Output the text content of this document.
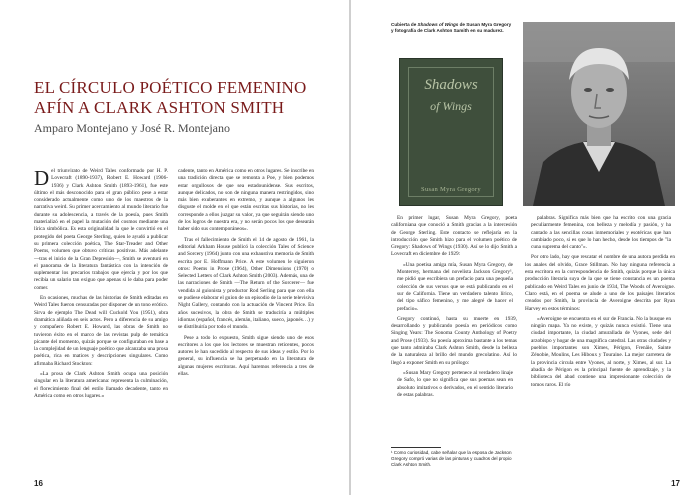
EL CÍRCULO POÉTICO FEMENINO
AFÍN A CLARK ASHTON SMITH
Amparo Montejano y José R. Montejano

Del triunvirato de Weird Tales conformado por H. P. Lovecraft (1890-1937), Robert E. Howard (1906-1936) y Clark Ashton Smith (1893-1961), fue este último el más desconocido para el gran público pese a estar considerado actualmente como uno de los maestros de la narrativa weird. Su primer acercamiento al mundo literario fue durante su adolescencia, a través de la poesía, pues Smith materializó en el papel la mutación del cosmos mediante una lírica simbólica. Es esta originalidad la que le convirtió en el protegido del poeta George Sterling, quien le ayudó a publicar su primera colección poética, The Star-Treader and Other Poems, volumen que obtuvo críticas positivas. Más adelante —tras el inicio de la Gran Depresión—, Smith se aventuró en el panorama de la literatura fantástica con la intención de suplementar los precarios trabajos que ejercía y por los que recibía un salario tan exiguo que apenas si le daba para poder comer.

En ocasiones, muchas de las historias de Smith editadas en Weird Tales fueron censuradas por disponer de un tono erótico. Sirva de ejemplo The Dead will Cuckold You (1951), obra dramática aliñada en seis actos. Pero a diferencia de su amigo y compañero Robert E. Howard, las obras de Smith no tuvieron éxito en el marco de las revistas pulp de temática picante del momento, quizás porque se configuraban en base a la complejidad de un lenguaje poético que alcanzaba una prosa poética, rica en matices y descripciones singulares. Como afirmaba Richard Stockton:

«La prosa de Clark Ashton Smith ocupa una posición singular en la literatura americana: representa la culminación, el florecimiento final del estilo llamado decadente, tanto en América como en otros lugares.»

cadente, tanto en América como en otros lugares. Se inscribe en una tradición directa que se remonta a Poe, y bien podemos estar orgullosos de que sea estadounidense. Sus escritos, aunque delicados, no son de ninguna manera restringidos, sino más bien exuberantes en extremo, y aunque a algunos les disguste el molde en el que están escritas sus historias, no les corresponde a ellos juzgar su valor, ya que seguirán siendo uno de los logros de nuestra era, y no serán pocos los que desearán haber sido sus contemporáneos».

Tras el fallecimiento de Smith el 14 de agosto de 1961, la editorial Arkham House publicó la colección Tales of Science and Sorcery (1964) junto con una exhaustiva memoria de Smith escrita por E. Hoffmann Price. A este volumen le siguieron otros: Poems in Prose (1964), Other Dimensions (1970) o Selected Letters of Clark Ashton Smith (2003). Además, una de las narraciones de Smith —The Return of the Sorcerer— fue vendida al guionista y productor Rod Serling para que con ella se pudiese elaborar el guion de un episodio de la serie televisiva Night Gallery, contando con la actuación de Vincent Price. En años sucesivos, la obra de Smith se traduciría a múltiples idiomas (español, francés, alemán, italiano, sueco, japonés…) y se distribuiría por todo el mundo.

Pese a todo lo expuesto, Smith sigue siendo uno de esos escritores a los que los lectores se muestran reticentes, pocos autores le han sucedido al respecto de sus ideas y estilo. Por lo general, su influencia se ha perpetuado en la literatura de algunas mujeres escritoras. Aquí haremos referencia a tres de ellas.

16
Cubierta de Shadows of Wings de Susan Myra Gregory y fotografía de Clark Ashton Samith en su madurez.
Shadows
of Wings
Susan Myra Gregory

En primer lugar, Susan Myra Gregory, poeta californiana que conoció a Smith gracias a la intercesión de George Sterling. Este contacto se reflejaría en la introducción que Smith hizo para el volumen poético de Gregory: Shadows of Wings (1930). Así se lo dijo Smith a Lovecraft en diciembre de 1929:

«Una poetisa amiga mía, Susan Myra Gregory, de Monterrey, hermana del novelista Jackson Gregory¹, me pidió que escribiera un prefacio para una pequeña colección de sus versos que se está publicando en el sur de California. Tiene un verdadero talento lírico, del tipo sáfico femenino, y me alegré de hacer el prefacio».

Gregory continuó, hasta su muerte en 1939, desarrollando y publicando poesía en periódicos como Singing Years: The Sonoma County Anthology of Poetry and Prose (1933). Su poesía aproxima bastante a los temas que tanto admiraba Clark Ashton Smith, desde la belleza de la naturaleza al brillo del mundo grecolatino. Así lo llegó a exponer Smith en su prólogo:

«Susan Mary Gregory pertenece al verdadero linaje de Safo, lo que no significa que sus poemas sean en absoluto imitativos o derivados, en el sentido literario de estas palabras.

¹ Como curiosidad, cabe señalar que la esposa de Jackson Gregory compró varias de las pinturas y cuadros del propio Clark Ashton Smith.

palabras. Significa más bien que ha escrito con una gracia peculiarmente femenina, con belleza y melodía y pasión, y ha cantado a las sencillas cosas inmemoriales y esotéricas que han cambiado poco, si es que lo han hecho, desde los tiempos de "la cuna suprema del canto"».

Por otro lado, hay que rescatar el nombre de una autora perdida en los anales del olvido, Grace Stillman. No hay ninguna referencia a esta escritora en la correspondencia de Smith, quizás porque la única producción literaria suya de la que se tiene constancia es un poema publicado en Weird Tales en junio de 1934, The Woods of Averoigne. Claro está, en el poema se alude a uno de los paisajes literarios creados por Smith, la provincia de Averoigne descrita por Ryan Harvey en estos términos:

«Averoigne se encuentra en el sur de Francia. No la busque en ningún mapa. Ya no existe, y quizás nunca existió. Tiene una ciudad importante, la ciudad amurallada de Vyones, sede del arzobispo y hogar de una magnífica catedral. Las otras ciudades y pueblos importantes son Ximes, Périgon, Frenâie, Sainte Zénobie, Moulins, Les Hiboux y Touraine. La mejor carretera de la provincia circula entre Vyones, al norte, y Ximes, al sur. La abadía de Périgon es la principal fuente de aprendizaje, y la biblioteca del abad contiene una impresionante colección de tomos raros. El río

17
